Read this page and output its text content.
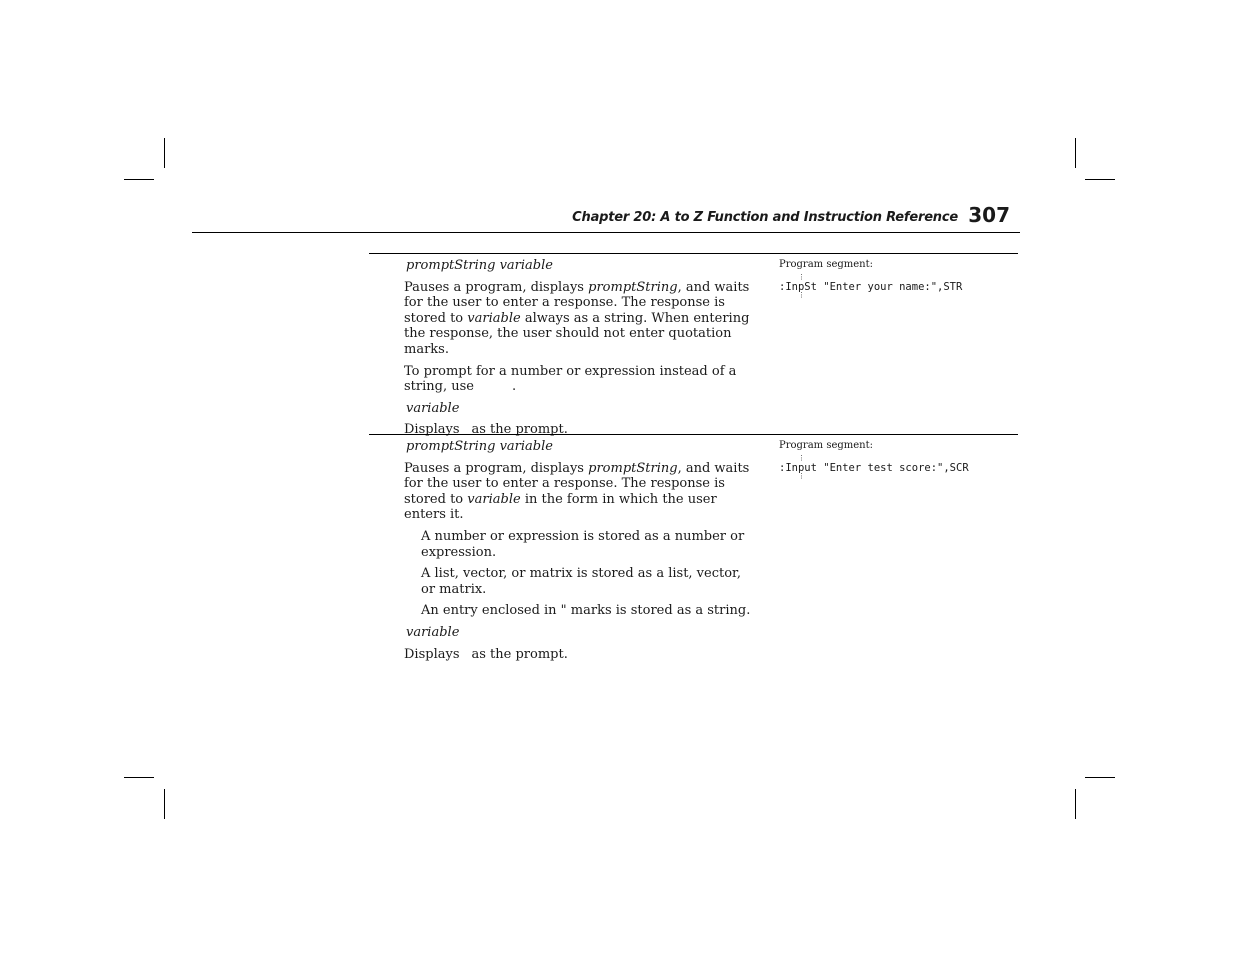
Chapter 20: A to Z Function and Instruction Reference 307
promptString variable

Pauses a program, displays promptString, and waits for the user to enter a response. The response is stored to variable always as a string. When entering the response, the user should not enter quotation marks.

To prompt for a number or expression instead of a string, use	.

variable

Displays as the prompt.

Program segment:
⋮
:InpSt "Enter your name:",STR
⋮
promptString variable

Pauses a program, displays promptString, and waits for the user to enter a response. The response is stored to variable in the form in which the user enters it.

A number or expression is stored as a number or expression.

A list, vector, or matrix is stored as a list, vector, or matrix.

An entry enclosed in " marks is stored as a string.

variable

Displays as the prompt.

Program segment:
⋮
:Input "Enter test score:",SCR
⋮
